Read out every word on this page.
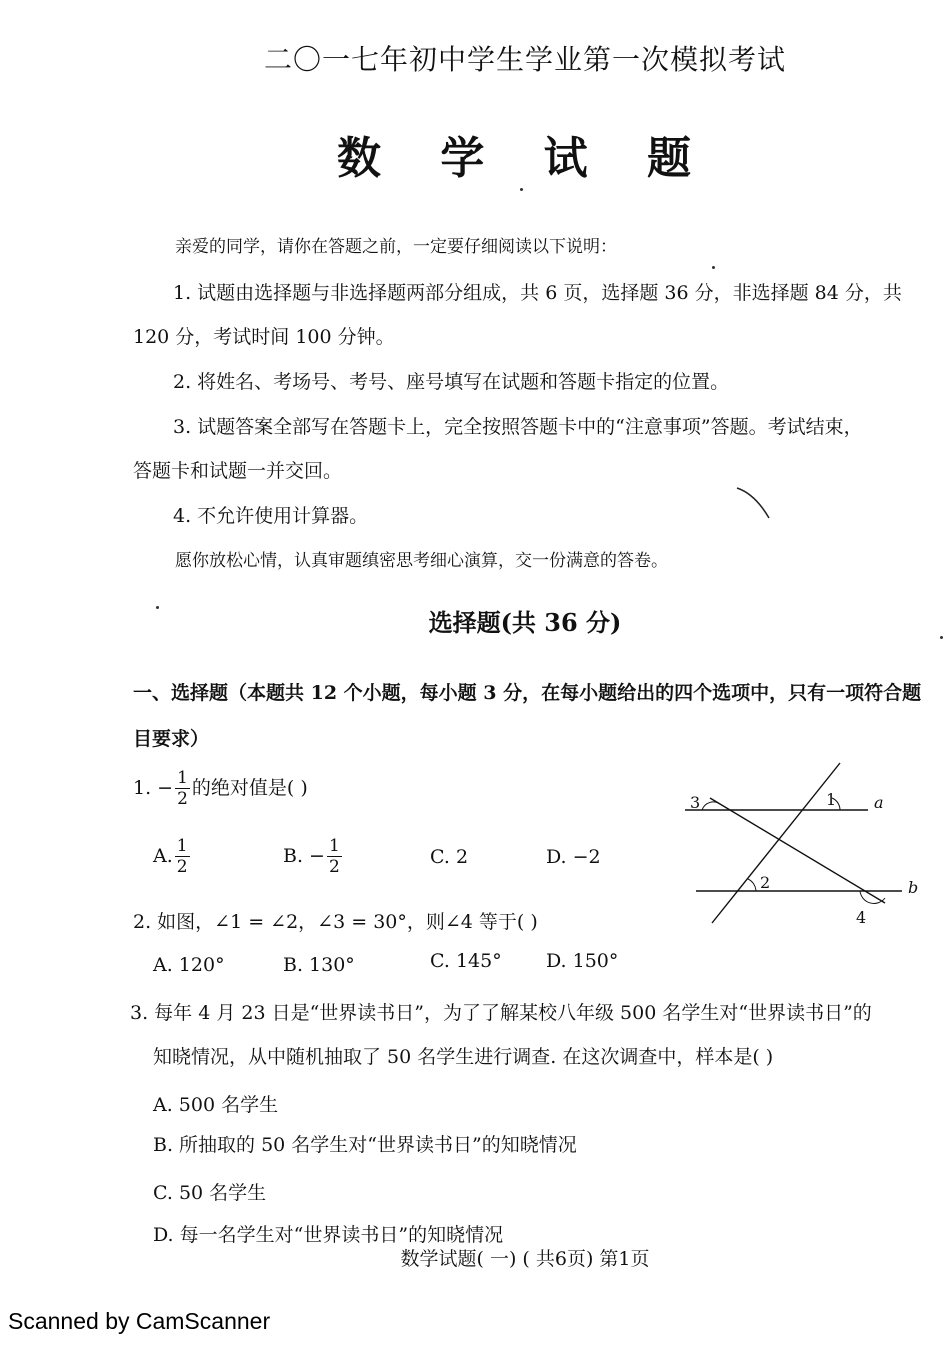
二〇一七年初中学生学业第一次模拟考试
数 学 试 题
亲爱的同学，请你在答题之前，一定要仔细阅读以下说明：
1. 试题由选择题与非选择题两部分组成，共 6 页，选择题 36 分，非选择题 84 分，共
120 分，考试时间 100 分钟。
2. 将姓名、考场号、考号、座号填写在试题和答题卡指定的位置。
3. 试题答案全部写在答题卡上，完全按照答题卡中的“注意事项”答题。考试结束，
答题卡和试题一并交回。
4. 不允许使用计算器。
愿你放松心情，认真审题缜密思考细心演算，交一份满意的答卷。
选择题(共 36 分)
一、选择题（本题共 12 个小题，每小题 3 分，在每小题给出的四个选项中，只有一项符合题
目要求）
1. − $\frac{1}{2}$ 的绝对值是( )
A. $\frac{1}{2}$	B. − $\frac{1}{2}$	C. 2	D. −2
2. 如图，∠1 = ∠2，∠3 = 30°，则∠4 等于( )
A. 120°	B. 130°	C. 145° D. 150°
1
2
3
4
a
b
3. 每年 4 月 23 日是“世界读书日”，为了了解某校八年级 500 名学生对“世界读书日”的
知晓情况，从中随机抽取了 50 名学生进行调查. 在这次调查中，样本是( )
A. 500 名学生
B. 所抽取的 50 名学生对“世界读书日”的知晓情况
C. 50 名学生
D. 每一名学生对“世界读书日”的知晓情况
数学试题( 一) ( 共6页) 第1页
Scanned by CamScanner
